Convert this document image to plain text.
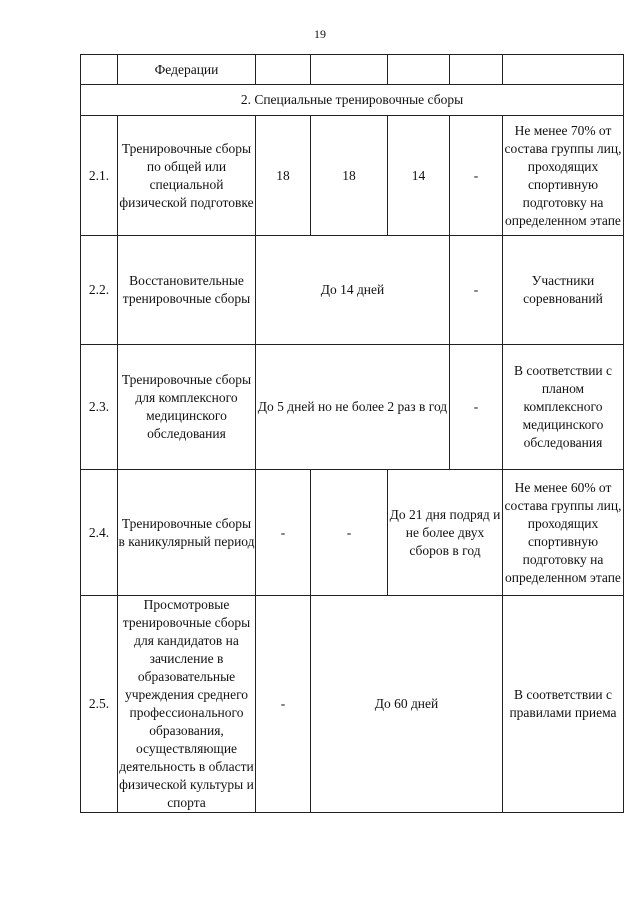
19
	Федерации					
2. Специальные тренировочные сборы						
2.1.	Тренировочные сборы по общей или специальной физической подготовке	18	18	14	-	Не менее 70% от состава группы лиц, проходящих спортивную подготовку на определенном этапе
2.2.	Восстановительные тренировочные сборы	До 14 дней			-	Участники соревнований
2.3.	Тренировочные сборы для комплексного медицинского обследования	До 5 дней но не более 2 раз в год			-	В соответствии с планом комплексного медицинского обследования
2.4.	Тренировочные сборы в каникулярный период	-	-	До 21 дня подряд и не более двух сборов в год		Не менее 60% от состава группы лиц, проходящих спортивную подготовку на определенном этапе
2.5.	Просмотровые тренировочные сборы для кандидатов на зачисление в образовательные учреждения среднего профессионального образования, осуществляющие деятельность в области физической культуры и спорта	-	До 60 дней			В соответствии с правилами приема
